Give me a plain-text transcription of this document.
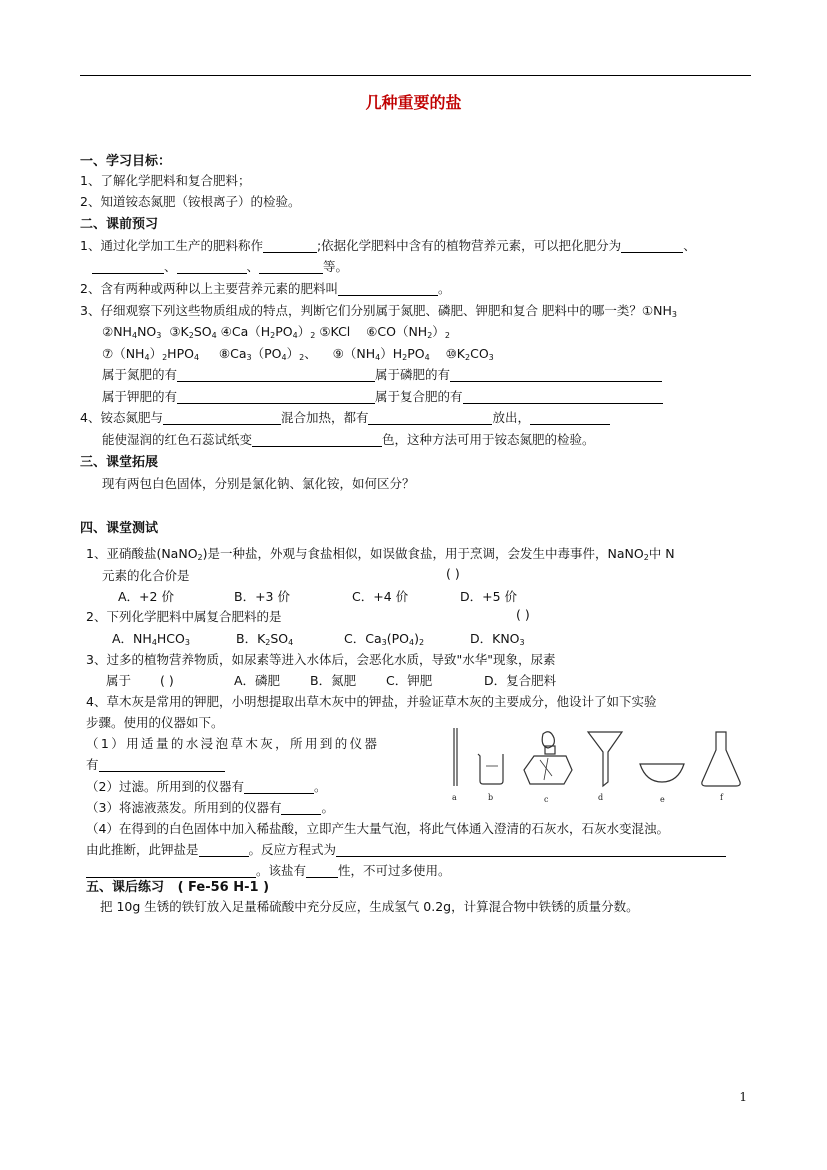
几种重要的盐
一、学习目标：
1、了解化学肥料和复合肥料；
2、知道铵态氮肥（铵根离子）的检验。
二、课前预习
1、通过化学加工生产的肥料称作	;依据化学肥料中含有的植物营养元素，可以把化肥分为	、
、	、	等。
2、含有两种或两种以上主要营养元素的肥料叫	。
3、仔细观察下列这些物质组成的特点，判断它们分别属于氮肥、磷肥、钾肥和复合 肥料中的哪一类？$①NH_3$
$②NH_4NO_3$ $③K_2SO_4$ $④Ca(H_2PO_4)_2$ ⑤KCl $⑥CO(NH_2)_2$
$⑦(NH_4)_2HPO_4$ $⑧Ca_3(PO_4)_2$、 $⑨(NH_4)H_2PO_4$ $⑩K_2CO_3$
属于氮肥的有	属于磷肥的有
属于钾肥的有	属于复合肥的有
4、铵态氮肥与	混合加热，都有	放出，
能使湿润的红色石蕊试纸变	色，这种方法可用于铵态氮肥的检验。
三、课堂拓展
现有两包白色固体，分别是氯化钠、氯化铵，如何区分？
四、课堂测试
1、亚硝酸盐(NaNO$_2$)是一种盐，外观与食盐相似，如误做食盐，用于烹调，会发生中毒事件，NaNO$_2$中 N
元素的化合价是	( )
A．+2 价	B．+3 价	C．+4 价	D．+5 价
2、下列化学肥料中属复合肥料的是	( )
A．$NH_4HCO_3$	B．$K_2SO_4$	C．$Ca_3(PO_4)_2$	D．$KNO_3$
3、过多的植物营养物质，如尿素等进入水体后，会恶化水质，导致"水华"现象，尿素
属于 ( )	A．磷肥 B．氮肥 C．钾肥	D．复合肥料
4、草木灰是常用的钾肥，小明想提取出草木灰中的钾盐，并验证草木灰的主要成分，他设计了如下实验
步骤。使用的仪器如下。
（1）用适量的水浸泡草木灰，所用到的仪器
有
（2）过滤。所用到的仪器有	。
（3）将滤液蒸发。所用到的仪器有	。
（4）在得到的白色固体中加入稀盐酸，立即产生大量气泡，将此气体通入澄清的石灰水，石灰水变混浊。
由此推断，此钾盐是	。反应方程式为
。该盐有	性，不可过多使用。
a	b	c	d	e	f
五、课后练习 ( Fe-56 H-1 )
把 10g 生锈的铁钉放入足量稀硫酸中充分反应，生成氢气 0.2g，计算混合物中铁锈的质量分数。
1
